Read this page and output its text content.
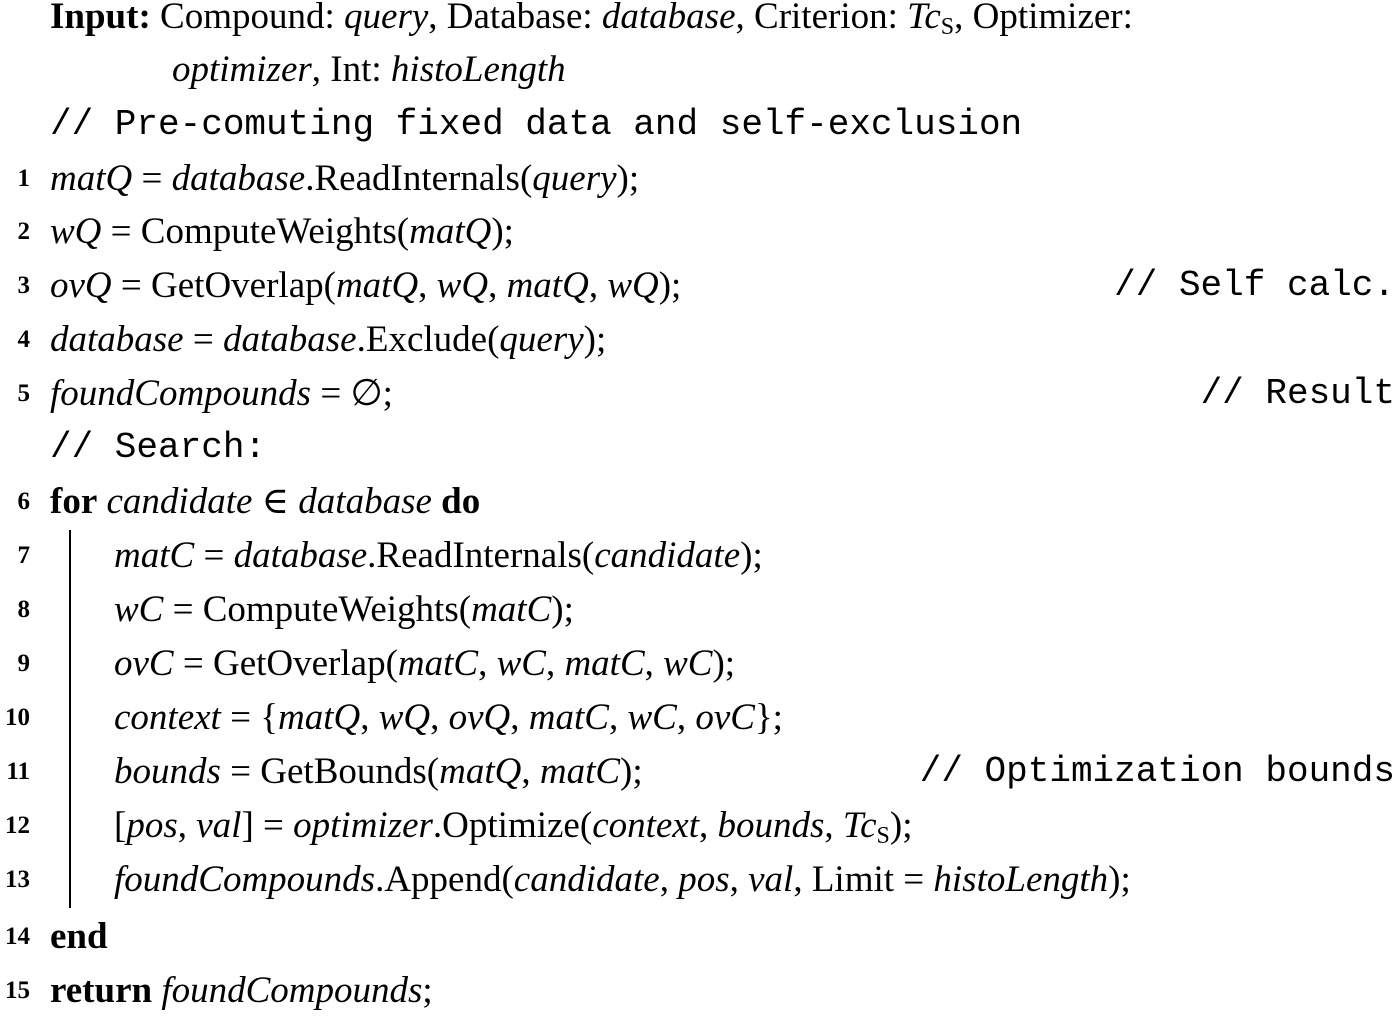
Input: Compound: query, Database: database, Criterion: $Tc_S$, Optimizer:
optimizer, Int: histoLength
// Pre-comuting fixed data and self-exclusion
// Search:
1 matQ = database.ReadInternals(query);
2 wQ = ComputeWeights(matQ);
3 ovQ = GetOverlap(matQ, wQ, matQ, wQ);	// Self calc.
4 database = database.Exclude(query);
5 foundCompounds = ∅;	// Result
6 for candidate ∈ database do
7 matC = database.ReadInternals(candidate);
8 wC = ComputeWeights(matC);
9 ovC = GetOverlap(matC, wC, matC, wC);
10 context = {matQ, wQ, ovQ, matC, wC, ovC};
11 bounds = GetBounds(matQ, matC);	// Optimization bounds
12 [pos, val] = optimizer.Optimize(context, bounds, $Tc_S$);
13 foundCompounds.Append(candidate, pos, val, Limit = histoLength);
14 end
15 return foundCompounds;
